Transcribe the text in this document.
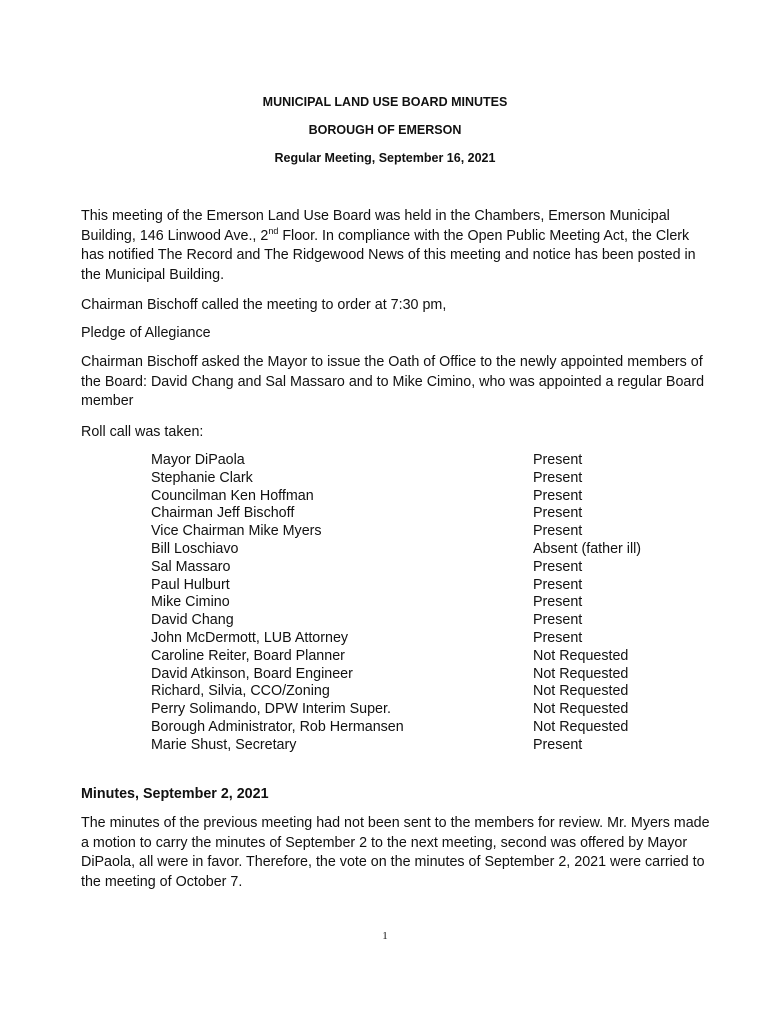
MUNICIPAL LAND USE BOARD MINUTES
BOROUGH OF EMERSON
Regular Meeting, September 16, 2021

This meeting of the Emerson Land Use Board was held in the Chambers, Emerson Municipal Building, 146 Linwood Ave., 2nd Floor. In compliance with the Open Public Meeting Act, the Clerk has notified The Record and The Ridgewood News of this meeting and notice has been posted in the Municipal Building.

Chairman Bischoff called the meeting to order at 7:30 pm,

Pledge of Allegiance

Chairman Bischoff asked the Mayor to issue the Oath of Office to the newly appointed members of the Board: David Chang and Sal Massaro and to Mike Cimino, who was appointed a regular Board member

Roll call was taken:

Mayor DiPaola	Present
Stephanie Clark	Present
Councilman Ken Hoffman	Present
Chairman Jeff Bischoff	Present
Vice Chairman Mike Myers	Present
Bill Loschiavo	Absent (father ill)
Sal Massaro	Present
Paul Hulburt	Present
Mike Cimino	Present
David Chang	Present
John McDermott, LUB Attorney	Present
Caroline Reiter, Board Planner	Not Requested
David Atkinson, Board Engineer	Not Requested
Richard, Silvia, CCO/Zoning	Not Requested
Perry Solimando, DPW Interim Super.	Not Requested
Borough Administrator, Rob Hermansen	Not Requested
Marie Shust, Secretary	Present
Minutes, September 2, 2021

The minutes of the previous meeting had not been sent to the members for review. Mr. Myers made a motion to carry the minutes of September 2 to the next meeting, second was offered by Mayor DiPaola, all were in favor. Therefore, the vote on the minutes of September 2, 2021 were carried to the meeting of October 7.

1
